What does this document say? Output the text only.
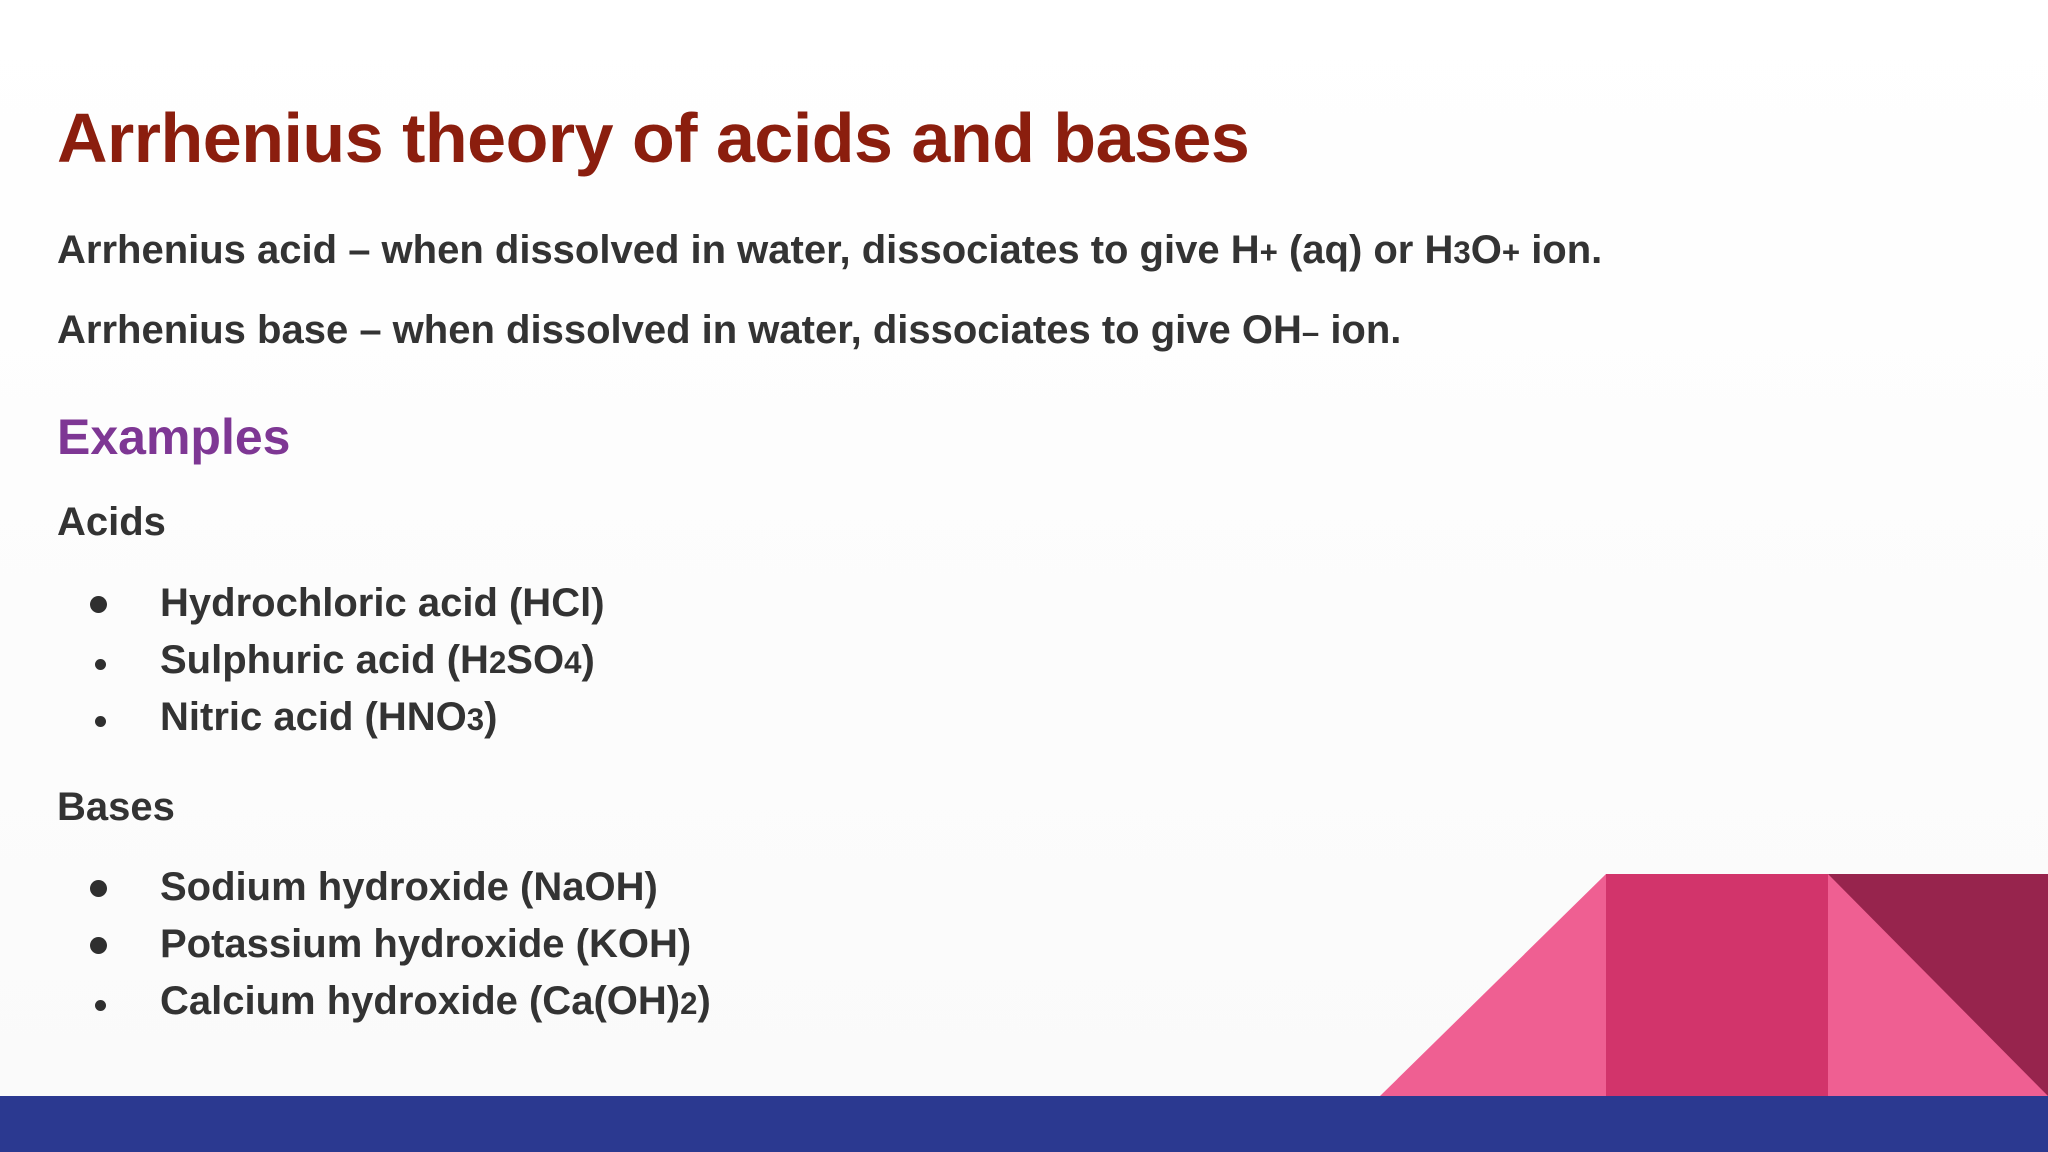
Arrhenius theory of acids and bases
Arrhenius acid – when dissolved in water, dissociates to give H+ (aq) or H3O+ ion.
Arrhenius base – when dissolved in water, dissociates to give OH– ion.
Examples
Acids
Hydrochloric acid (HCl)
Sulphuric acid (H2SO4)
Nitric acid (HNO3)
Bases
Sodium hydroxide (NaOH)
Potassium hydroxide (KOH)
Calcium hydroxide (Ca(OH)2)
